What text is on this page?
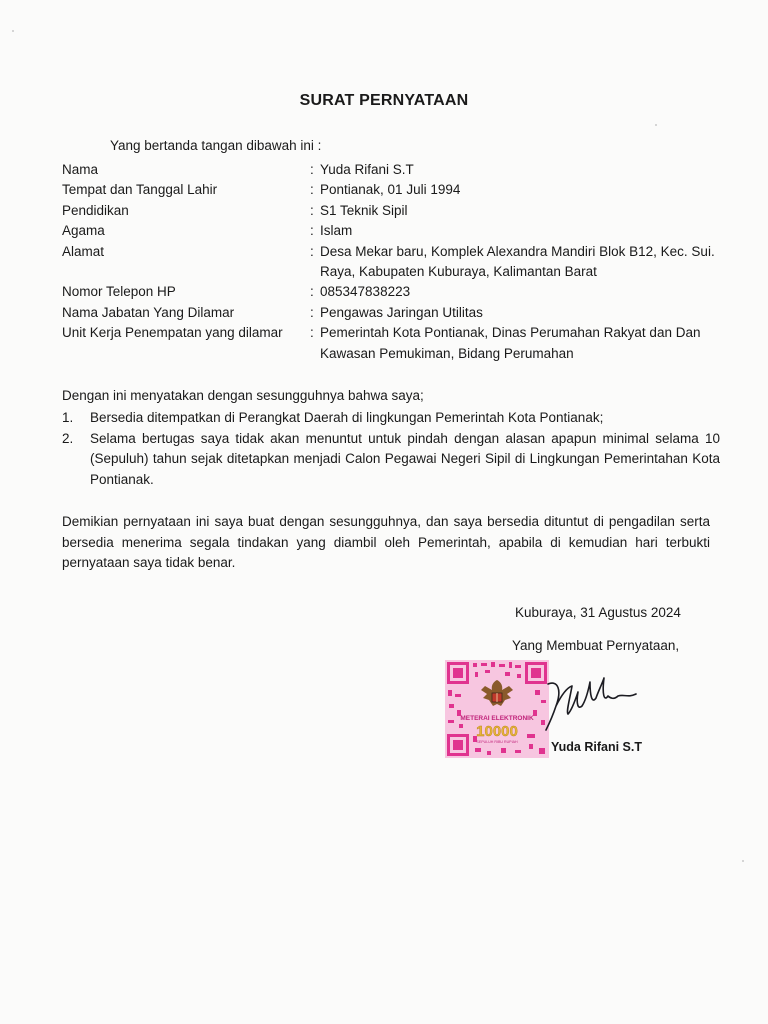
SURAT PERNYATAAN
Yang bertanda tangan dibawah ini :
Nama	: Yuda Rifani S.T
Tempat dan Tanggal Lahir	: Pontianak, 01 Juli 1994
Pendidikan	: S1 Teknik Sipil
Agama	: Islam
Alamat	: Desa Mekar baru, Komplek Alexandra Mandiri Blok B12, Kec. Sui. Raya, Kabupaten Kuburaya, Kalimantan Barat
Nomor Telepon HP	: 085347838223
Nama Jabatan Yang Dilamar	: Pengawas Jaringan Utilitas
Unit Kerja Penempatan yang dilamar	: Pemerintah Kota Pontianak, Dinas Perumahan Rakyat dan Dan Kawasan Pemukiman, Bidang Perumahan
Dengan ini menyatakan dengan sesungguhnya bahwa saya;
1.	Bersedia ditempatkan di Perangkat Daerah di lingkungan Pemerintah Kota Pontianak;
2.	Selama bertugas saya tidak akan menuntut untuk pindah dengan alasan apapun minimal selama 10 (Sepuluh) tahun sejak ditetapkan menjadi Calon Pegawai Negeri Sipil di Lingkungan Pemerintahan Kota Pontianak.
Demikian pernyataan ini saya buat dengan sesungguhnya, dan saya bersedia dituntut di pengadilan serta bersedia menerima segala tindakan yang diambil oleh Pemerintah, apabila di kemudian hari terbukti pernyataan saya tidak benar.
Kuburaya, 31 Agustus 2024
Yang Membuat Pernyataan,
METERAI ELEKTRONIK
10000
SEPULUH RIBU RUPIAH	Yuda Rifani S.T
